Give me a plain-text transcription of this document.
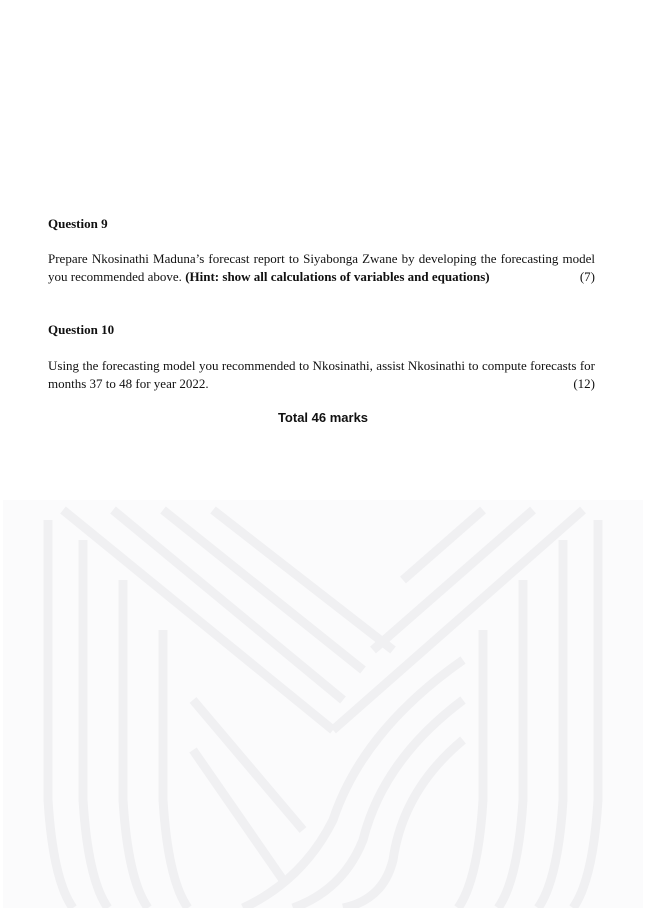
Question 9
Prepare Nkosinathi Maduna’s forecast report to Siyabonga Zwane by developing the forecasting model you recommended above. (Hint: show all calculations of variables and equations)	(7)
Question 10
Using the forecasting model you recommended to Nkosinathi, assist Nkosinathi to compute forecasts for months 37 to 48 for year 2022.	(12)
Total 46 marks
